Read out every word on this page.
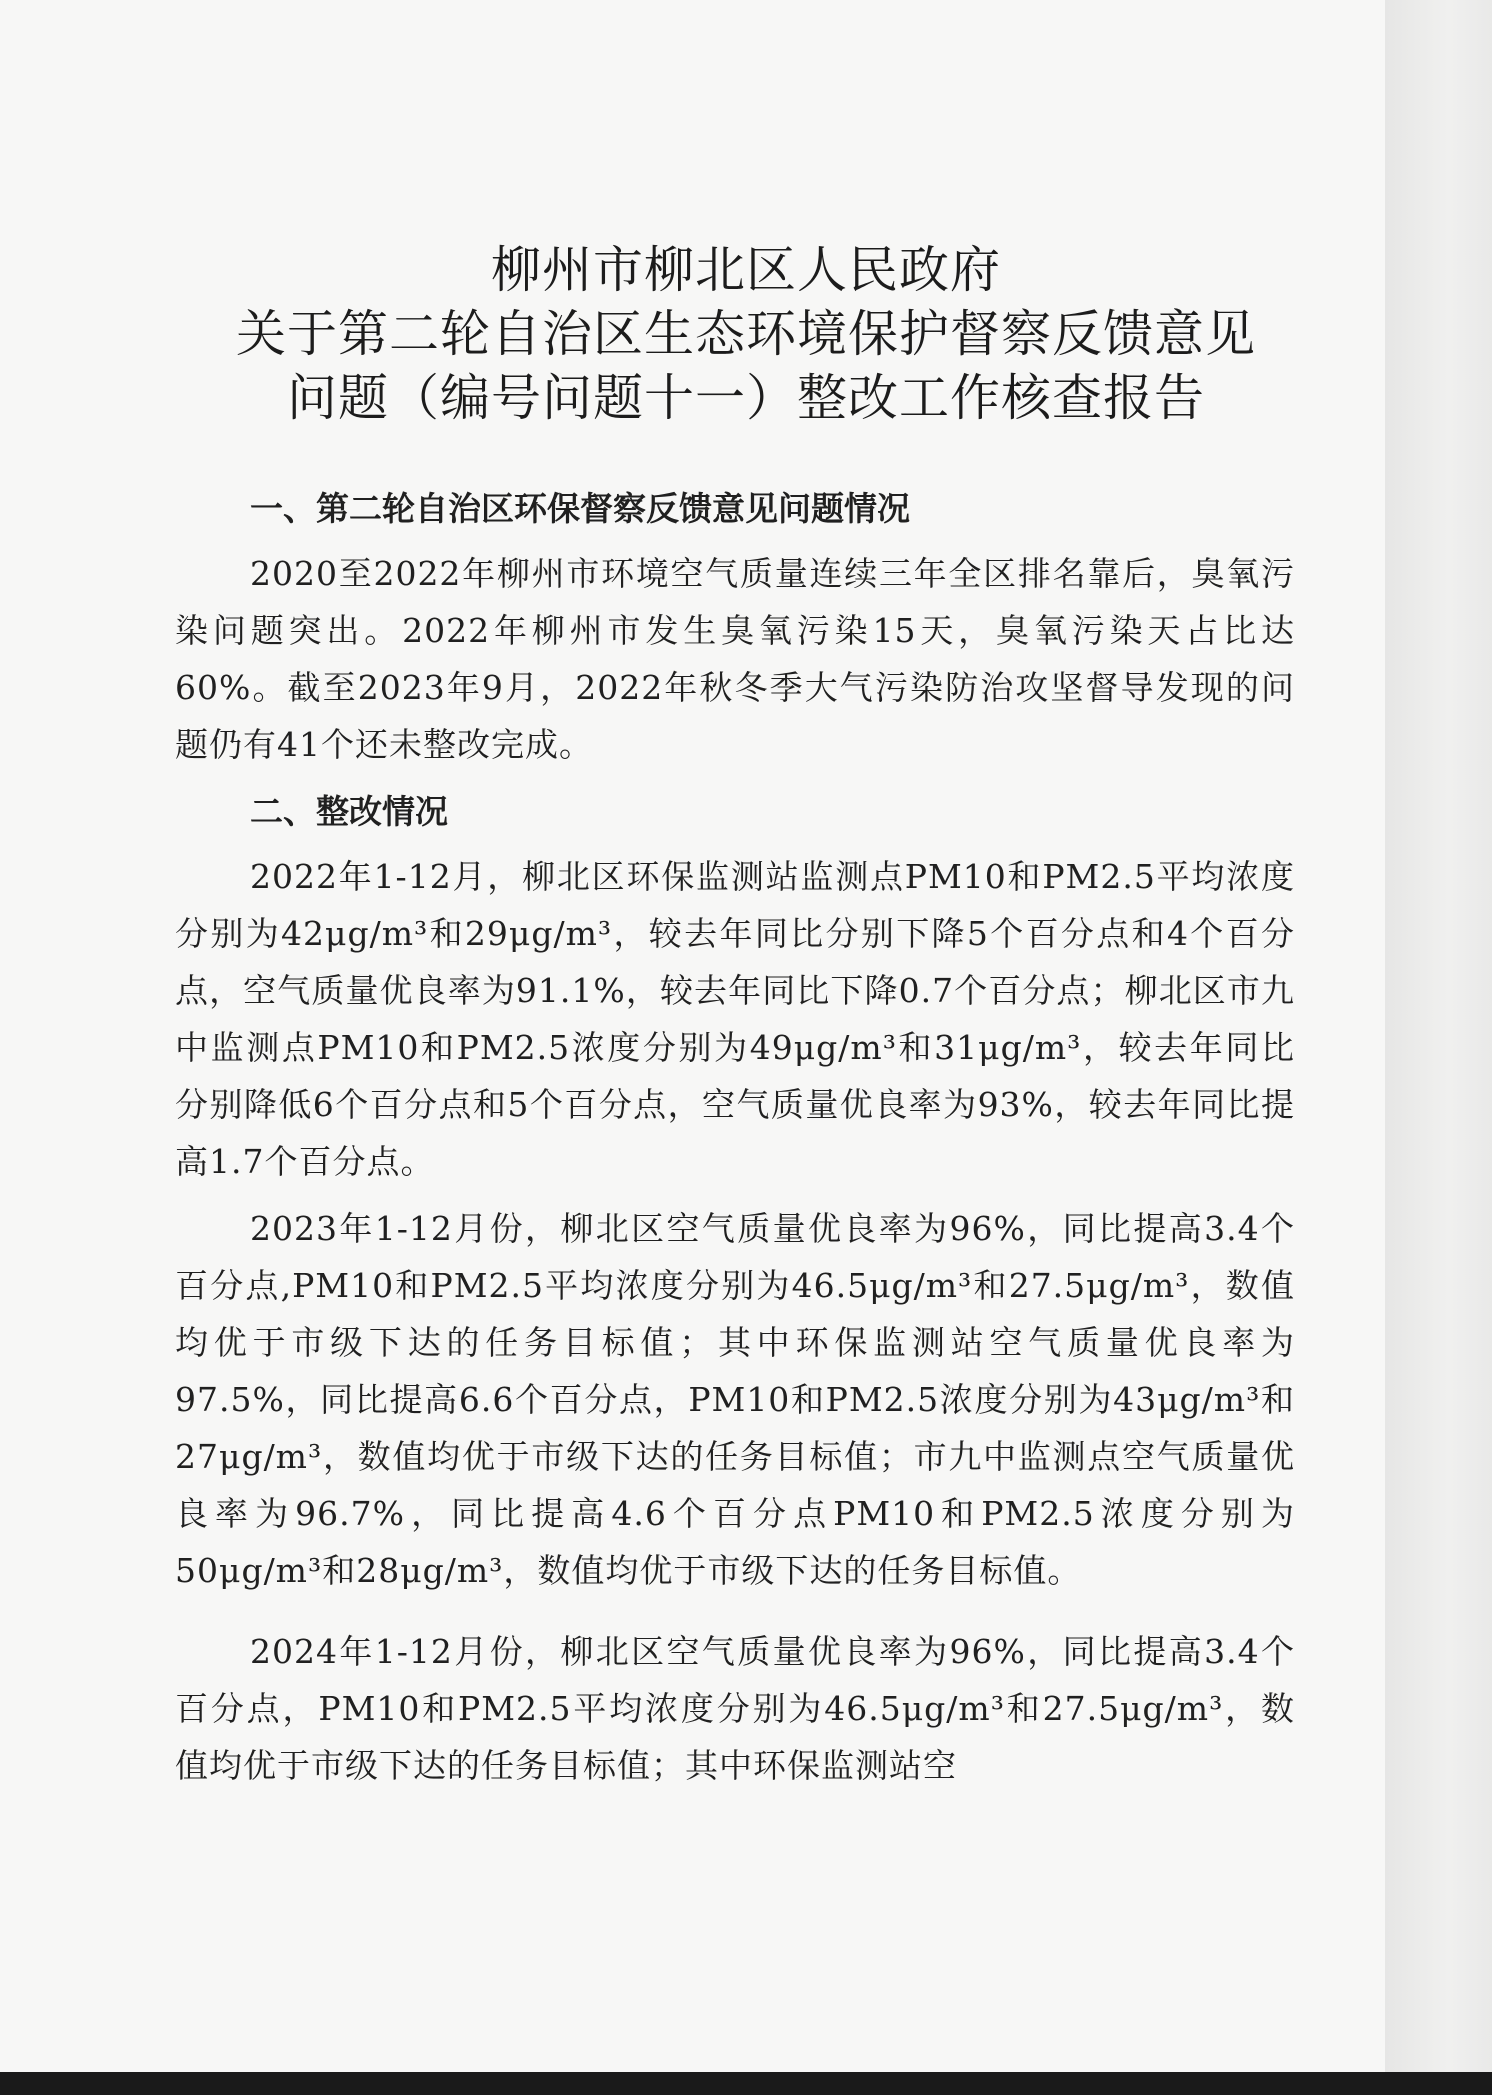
柳州市柳北区人民政府
关于第二轮自治区生态环境保护督察反馈意见
问题（编号问题十一）整改工作核查报告
一、第二轮自治区环保督察反馈意见问题情况
2020至2022年柳州市环境空气质量连续三年全区排名靠后，臭氧污染问题突出。2022年柳州市发生臭氧污染15天，臭氧污染天占比达60%。截至2023年9月，2022年秋冬季大气污染防治攻坚督导发现的问题仍有41个还未整改完成。
二、整改情况
2022年1-12月，柳北区环保监测站监测点PM10和PM2.5平均浓度分别为42μg/m³和29μg/m³，较去年同比分别下降5个百分点和4个百分点，空气质量优良率为91.1%，较去年同比下降0.7个百分点；柳北区市九中监测点PM10和PM2.5浓度分别为49μg/m³和31μg/m³，较去年同比分别降低6个百分点和5个百分点，空气质量优良率为93%，较去年同比提高1.7个百分点。
2023年1-12月份，柳北区空气质量优良率为96%，同比提高3.4个百分点,PM10和PM2.5平均浓度分别为46.5μg/m³和27.5μg/m³，数值均优于市级下达的任务目标值；其中环保监测站空气质量优良率为97.5%，同比提高6.6个百分点，PM10和PM2.5浓度分别为43μg/m³和27μg/m³，数值均优于市级下达的任务目标值；市九中监测点空气质量优良率为96.7%，同比提高4.6个百分点PM10和PM2.5浓度分别为50μg/m³和28μg/m³，数值均优于市级下达的任务目标值。
2024年1-12月份，柳北区空气质量优良率为96%，同比提高3.4个百分点，PM10和PM2.5平均浓度分别为46.5μg/m³和27.5μg/m³，数值均优于市级下达的任务目标值；其中环保监测站空
